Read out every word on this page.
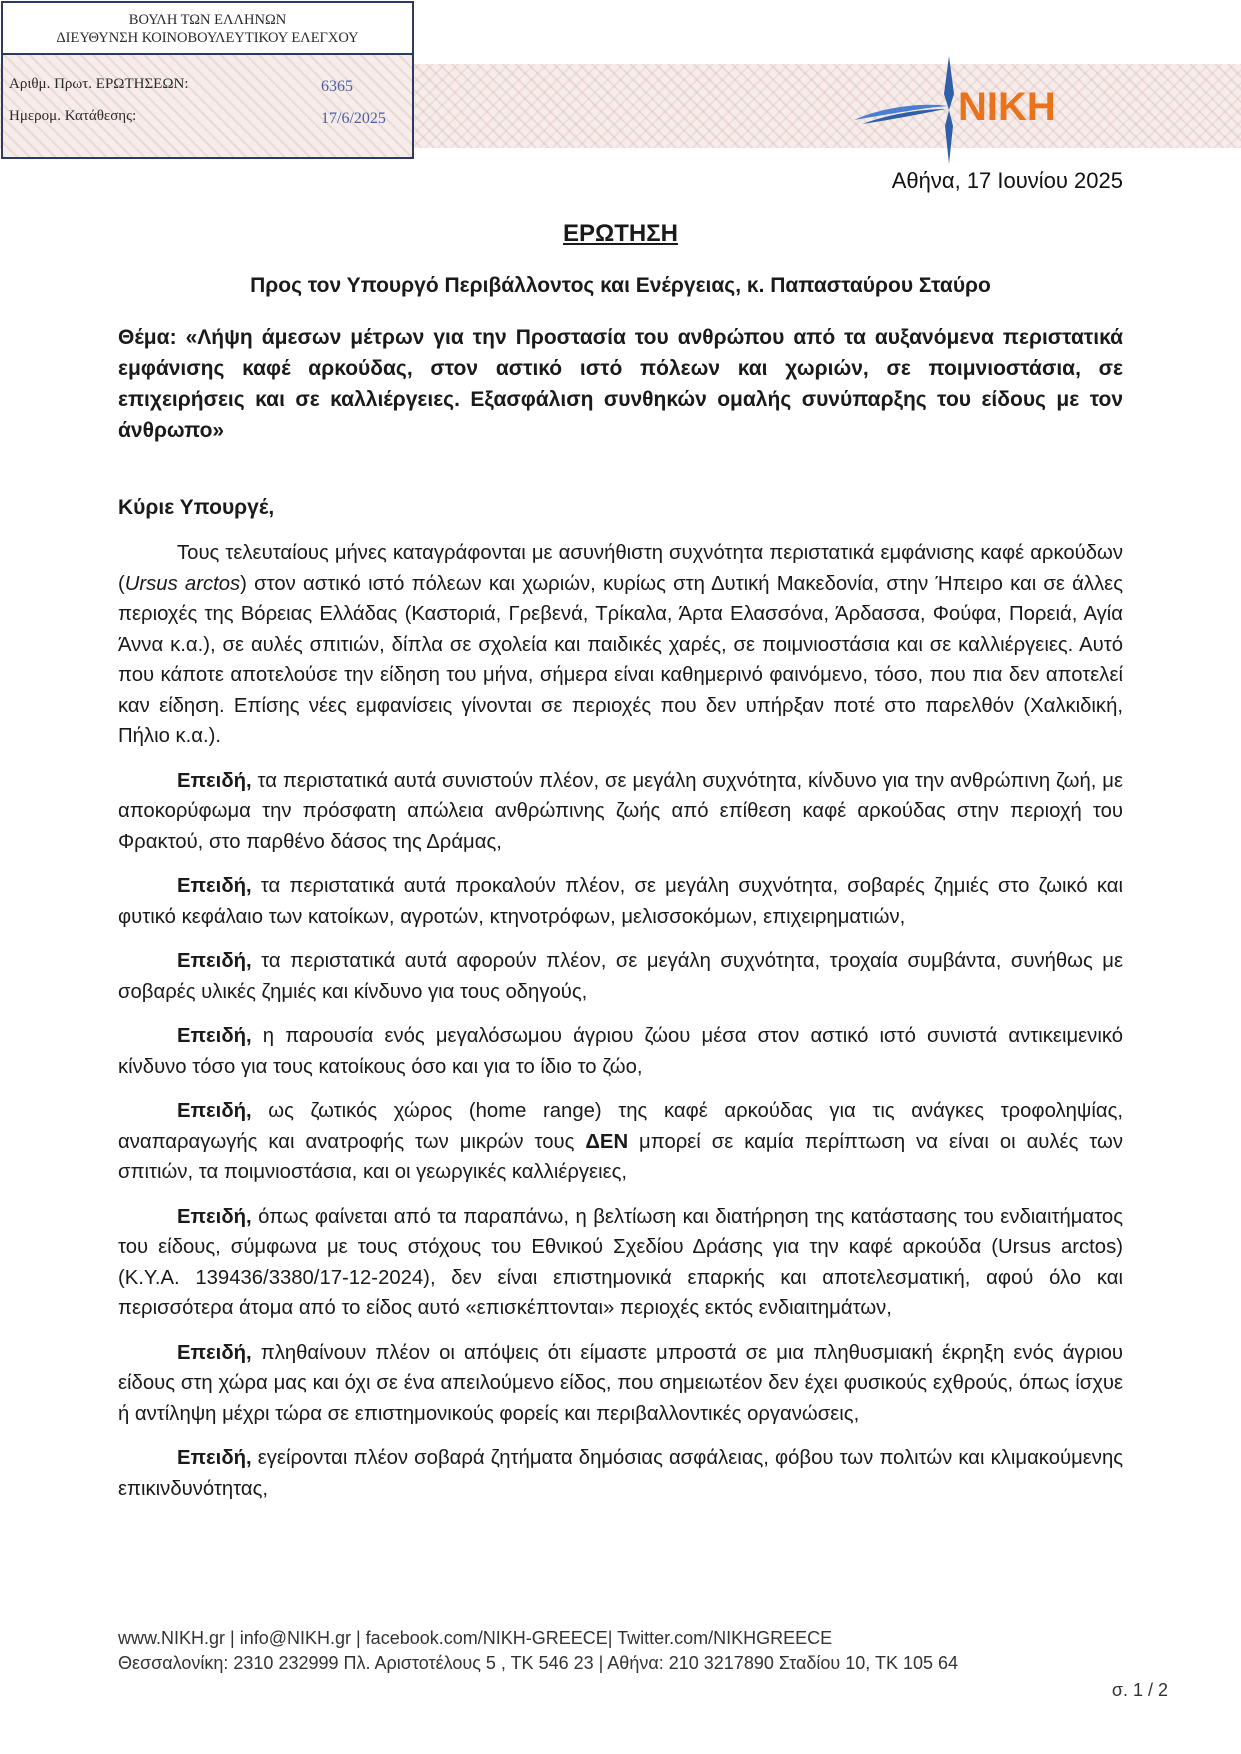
ΒΟΥΛΗ ΤΩΝ ΕΛΛΗΝΩΝ
ΔΙΕΥΘΥΝΣΗ ΚΟΙΝΟΒΟΥΛΕΥΤΙΚΟΥ ΕΛΕΓΧΟΥ
Αριθμ. Πρωτ. ΕΡΩΤΗΣΕΩΝ:	6365
Ημερομ. Κατάθεσης:	17/6/2025	NIKH
Αθήνα, 17 Ιουνίου 2025
ΕΡΩΤΗΣΗ
Προς τον Υπουργό Περιβάλλοντος και Ενέργειας, κ. Παπασταύρου Σταύρο
Θέμα: «Λήψη άμεσων μέτρων για την Προστασία του ανθρώπου από τα αυξανόμενα περιστατικά εμφάνισης καφέ αρκούδας, στον αστικό ιστό πόλεων και χωριών, σε ποιμνιοστάσια, σε επιχειρήσεις και σε καλλιέργειες. Εξασφάλιση συνθηκών ομαλής συνύπαρξης του είδους με τον άνθρωπο»
Κύριε Υπουργέ,

Τους τελευταίους μήνες καταγράφονται με ασυνήθιστη συχνότητα περιστατικά εμφάνισης καφέ αρκούδων (Ursus arctos) στον αστικό ιστό πόλεων και χωριών, κυρίως στη Δυτική Μακεδονία, στην Ήπειρο και σε άλλες περιοχές της Βόρειας Ελλάδας (Καστοριά, Γρεβενά, Τρίκαλα, Άρτα Ελασσόνα, Άρδασσα, Φούφα, Πορειά, Αγία Άννα κ.α.), σε αυλές σπιτιών, δίπλα σε σχολεία και παιδικές χαρές, σε ποιμνιοστάσια και σε καλλιέργειες. Αυτό που κάποτε αποτελούσε την είδηση του μήνα, σήμερα είναι καθημερινό φαινόμενο, τόσο, που πια δεν αποτελεί καν είδηση. Επίσης νέες εμφανίσεις γίνονται σε περιοχές που δεν υπήρξαν ποτέ στο παρελθόν (Χαλκιδική, Πήλιο κ.α.).

Επειδή, τα περιστατικά αυτά συνιστούν πλέον, σε μεγάλη συχνότητα, κίνδυνο για την ανθρώπινη ζωή, με αποκορύφωμα την πρόσφατη απώλεια ανθρώπινης ζωής από επίθεση καφέ αρκούδας στην περιοχή του Φρακτού, στο παρθένο δάσος της Δράμας,

Επειδή, τα περιστατικά αυτά προκαλούν πλέον, σε μεγάλη συχνότητα, σοβαρές ζημιές στο ζωικό και φυτικό κεφάλαιο των κατοίκων, αγροτών, κτηνοτρόφων, μελισσοκόμων, επιχειρηματιών,

Επειδή, τα περιστατικά αυτά αφορούν πλέον, σε μεγάλη συχνότητα, τροχαία συμβάντα, συνήθως με σοβαρές υλικές ζημιές και κίνδυνο για τους οδηγούς,

Επειδή, η παρουσία ενός μεγαλόσωμου άγριου ζώου μέσα στον αστικό ιστό συνιστά αντικειμενικό κίνδυνο τόσο για τους κατοίκους όσο και για το ίδιο το ζώο,

Επειδή, ως ζωτικός χώρος (home range) της καφέ αρκούδας για τις ανάγκες τροφοληψίας, αναπαραγωγής και ανατροφής των μικρών τους ΔΕΝ μπορεί σε καμία περίπτωση να είναι οι αυλές των σπιτιών, τα ποιμνιοστάσια, και οι γεωργικές καλλιέργειες,

Επειδή, όπως φαίνεται από τα παραπάνω, η βελτίωση και διατήρηση της κατάστασης του ενδιαιτήματος του είδους, σύμφωνα με τους στόχους του Εθνικού Σχεδίου Δράσης για την καφέ αρκούδα (Ursus arctos) (Κ.Υ.Α. 139436/3380/17-12-2024), δεν είναι επιστημονικά επαρκής και αποτελεσματική, αφού όλο και περισσότερα άτομα από το είδος αυτό «επισκέπτονται» περιοχές εκτός ενδιαιτημάτων,

Επειδή, πληθαίνουν πλέον οι απόψεις ότι είμαστε μπροστά σε μια πληθυσμιακή έκρηξη ενός άγριου είδους στη χώρα μας και όχι σε ένα απειλούμενο είδος, που σημειωτέον δεν έχει φυσικούς εχθρούς, όπως ίσχυε ή αντίληψη μέχρι τώρα σε επιστημονικούς φορείς και περιβαλλοντικές οργανώσεις,

Επειδή, εγείρονται πλέον σοβαρά ζητήματα δημόσιας ασφάλειας, φόβου των πολιτών και κλιμακούμενης επικινδυνότητας,

www.NIKH.gr | info@NIKH.gr | facebook.com/NIKH-GREECE| Twitter.com/NIKHGREECE
Θεσσαλονίκη: 2310 232999 Πλ. Αριστοτέλους 5 , ΤΚ 546 23 | Αθήνα: 210 3217890 Σταδίου 10, ΤΚ 105 64
σ. 1 / 2
